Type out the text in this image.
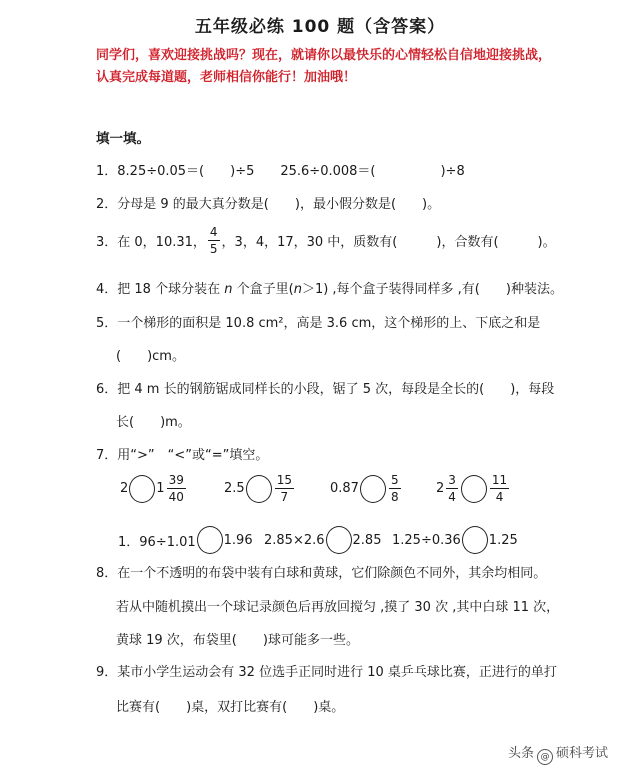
五年级必练 100 题（含答案）
同学们，喜欢迎接挑战吗？现在，就请你以最快乐的心情轻松自信地迎接挑战，
认真完成每道题，老师相信你能行！加油哦！
填一填。
1．8.25÷0.05＝(　　)÷5　　25.6÷0.008＝(　　　　　)÷8
2．分母是 9 的最大真分数是(　　)，最小假分数是(　　)。
3．在 0，10.31， $\frac{4}{5}$ ，3，4，17，30 中，质数有(　　　)，合数有(　　　)。
4．把 18 个球分装在 n 个盒子里(n＞1) ,每个盒子装得同样多 ,有(　　)种装法。
5．一个梯形的面积是 10.8 cm²，高是 3.6 cm，这个梯形的上、下底之和是
(　　)cm。
6．把 4 m 长的钢筋锯成同样长的小段，锯了 5 次，每段是全长的(　　)，每段
长(　　)m。
7．用“>”　“<”或“=”填空。
2 $1 \frac{39}{40}$	2.5	$\frac{15}{7}$	0.87	$\frac{5}{8}$	$2 \frac{3}{4}$	$\frac{11}{4}$
1．96÷1.01 1.96 2.85×2.6 2.85 1.25÷0.36 1.25
8．在一个不透明的布袋中装有白球和黄球，它们除颜色不同外，其余均相同。
若从中随机摸出一个球记录颜色后再放回搅匀 ,摸了 30 次 ,其中白球 11 次，
黄球 19 次，布袋里(　　)球可能多一些。
9．某市小学生运动会有 32 位选手正同时进行 10 桌乒乓球比赛，正进行的单打
比赛有(　　)桌，双打比赛有(　　)桌。
头条 @ 硕科考试
